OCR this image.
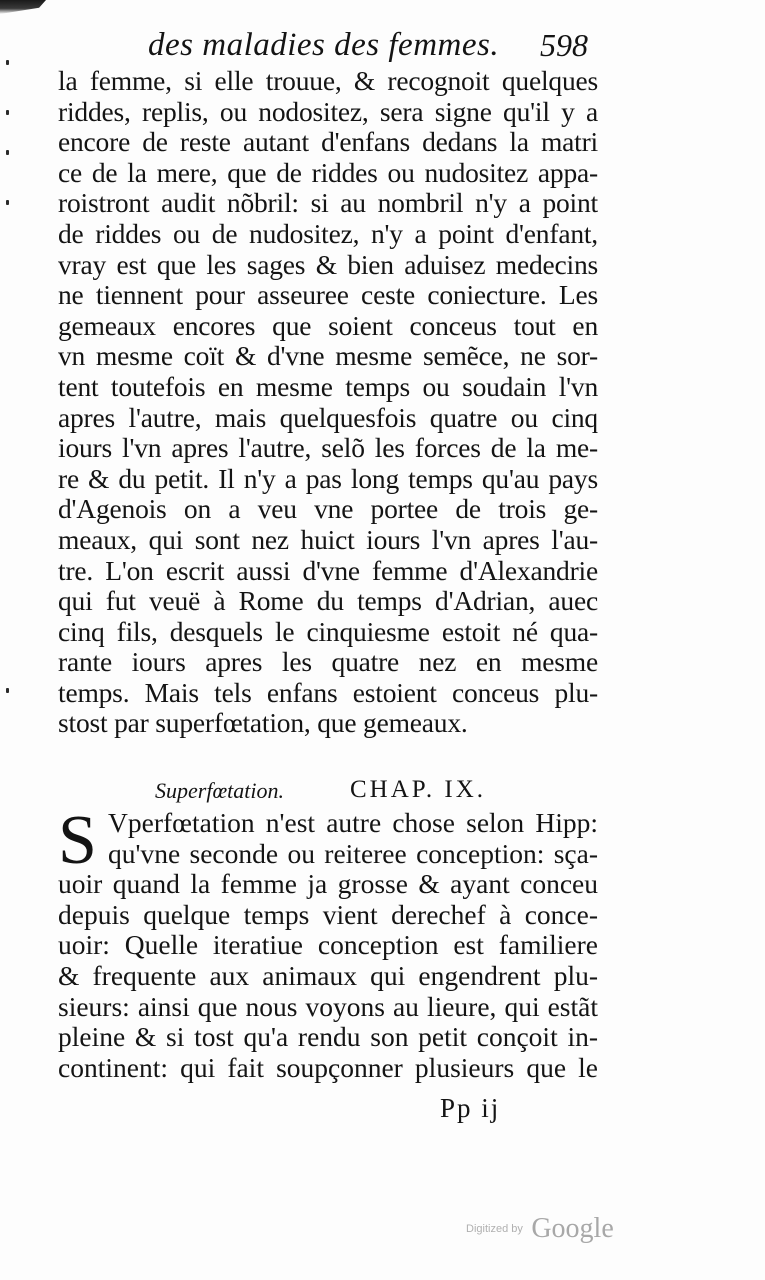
des maladies des femmes.	598
la femme, si elle trouue, & recognoit quelques
riddes, replis, ou nodositez, sera signe qu'il y a
encore de reste autant d'enfans dedans la matri
ce de la mere, que de riddes ou nudositez appa-
roistront audit nõbril: si au nombril n'y a point
de riddes ou de nudositez, n'y a point d'enfant,
vray est que les sages & bien aduisez medecins
ne tiennent pour asseuree ceste coniecture. Les
gemeaux encores que soient conceus tout en
vn mesme coït & d'vne mesme semẽce, ne sor-
tent toutefois en mesme temps ou soudain l'vn
apres l'autre, mais quelquesfois quatre ou cinq
iours l'vn apres l'autre, selõ les forces de la me-
re & du petit. Il n'y a pas long temps qu'au pays
d'Agenois on a veu vne portee de trois ge-
meaux, qui sont nez huict iours l'vn apres l'au-
tre. L'on escrit aussi d'vne femme d'Alexandrie
qui fut veuë à Rome du temps d'Adrian, auec
cinq fils, desquels le cinquiesme estoit né qua-
rante iours apres les quatre nez en mesme
temps. Mais tels enfans estoient conceus plu-
stost par superfœtation, que gemeaux.
Superfœtation.	CHAP. IX.
S Vperfœtation n'est autre chose selon Hipp:
qu'vne seconde ou reiteree conception: sça-
uoir quand la femme ja grosse & ayant conceu
depuis quelque temps vient derechef à conce-
uoir: Quelle iteratiue conception est familiere
& frequente aux animaux qui engendrent plu-
sieurs: ainsi que nous voyons au lieure, qui estãt
pleine & si tost qu'a rendu son petit conçoit in-
continent: qui fait soupçonner plusieurs que le
Pp ij
Digitized by Google
